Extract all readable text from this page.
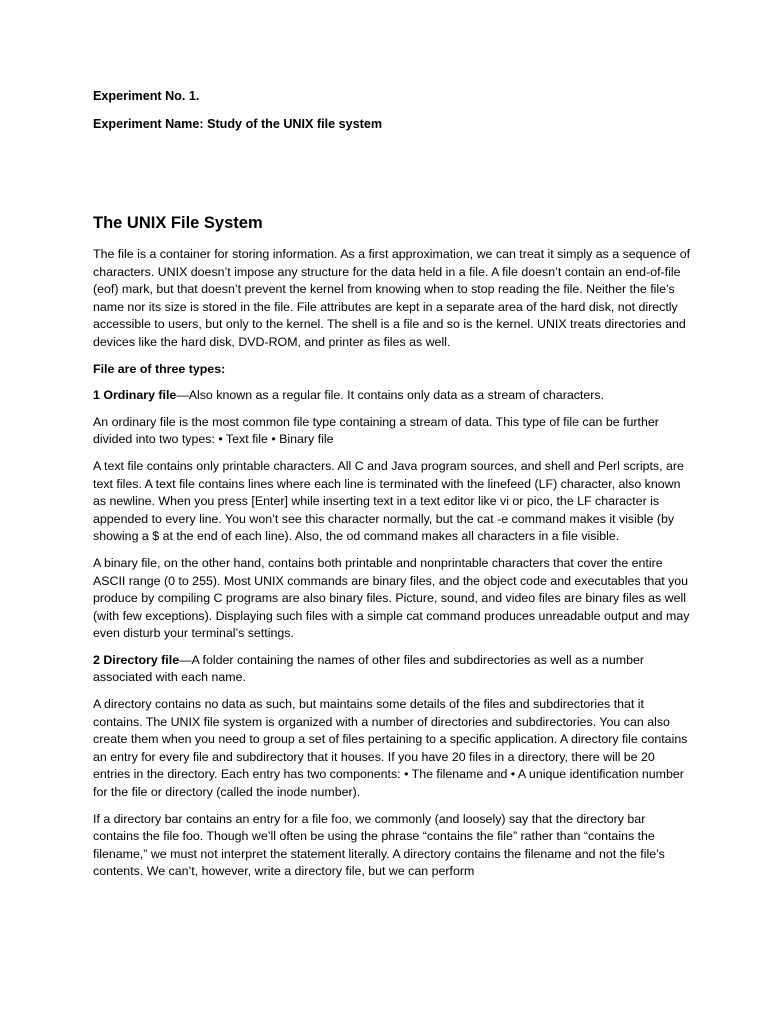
Experiment No. 1.
Experiment Name: Study of the UNIX file system
The UNIX File System

The file is a container for storing information. As a first approximation, we can treat it simply as a sequence of characters. UNIX doesn’t impose any structure for the data held in a file. A file doesn’t contain an end-of-file (eof) mark, but that doesn’t prevent the kernel from knowing when to stop reading the file. Neither the file’s name nor its size is stored in the file. File attributes are kept in a separate area of the hard disk, not directly accessible to users, but only to the kernel. The shell is a file and so is the kernel. UNIX treats directories and devices like the hard disk, DVD-ROM, and printer as files as well.

File are of three types:

1 Ordinary file—Also known as a regular file. It contains only data as a stream of characters.

An ordinary file is the most common file type containing a stream of data. This type of file can be further divided into two types: • Text file • Binary file

A text file contains only printable characters. All C and Java program sources, and shell and Perl scripts, are text files. A text file contains lines where each line is terminated with the linefeed (LF) character, also known as newline. When you press [Enter] while inserting text in a text editor like vi or pico, the LF character is appended to every line. You won’t see this character normally, but the cat -e command makes it visible (by showing a $ at the end of each line). Also, the od command makes all characters in a file visible.

A binary file, on the other hand, contains both printable and nonprintable characters that cover the entire ASCII range (0 to 255). Most UNIX commands are binary files, and the object code and executables that you produce by compiling C programs are also binary files. Picture, sound, and video files are binary files as well (with few exceptions). Displaying such files with a simple cat command produces unreadable output and may even disturb your terminal’s settings.

2 Directory file—A folder containing the names of other files and subdirectories as well as a number associated with each name.

A directory contains no data as such, but maintains some details of the files and subdirectories that it contains. The UNIX file system is organized with a number of directories and subdirectories. You can also create them when you need to group a set of files pertaining to a specific application. A directory file contains an entry for every file and subdirectory that it houses. If you have 20 files in a directory, there will be 20 entries in the directory. Each entry has two components: • The filename and • A unique identification number for the file or directory (called the inode number).

If a directory bar contains an entry for a file foo, we commonly (and loosely) say that the directory bar contains the file foo. Though we’ll often be using the phrase “contains the file” rather than “contains the filename,” we must not interpret the statement literally. A directory contains the filename and not the file’s contents. We can’t, however, write a directory file, but we can perform
